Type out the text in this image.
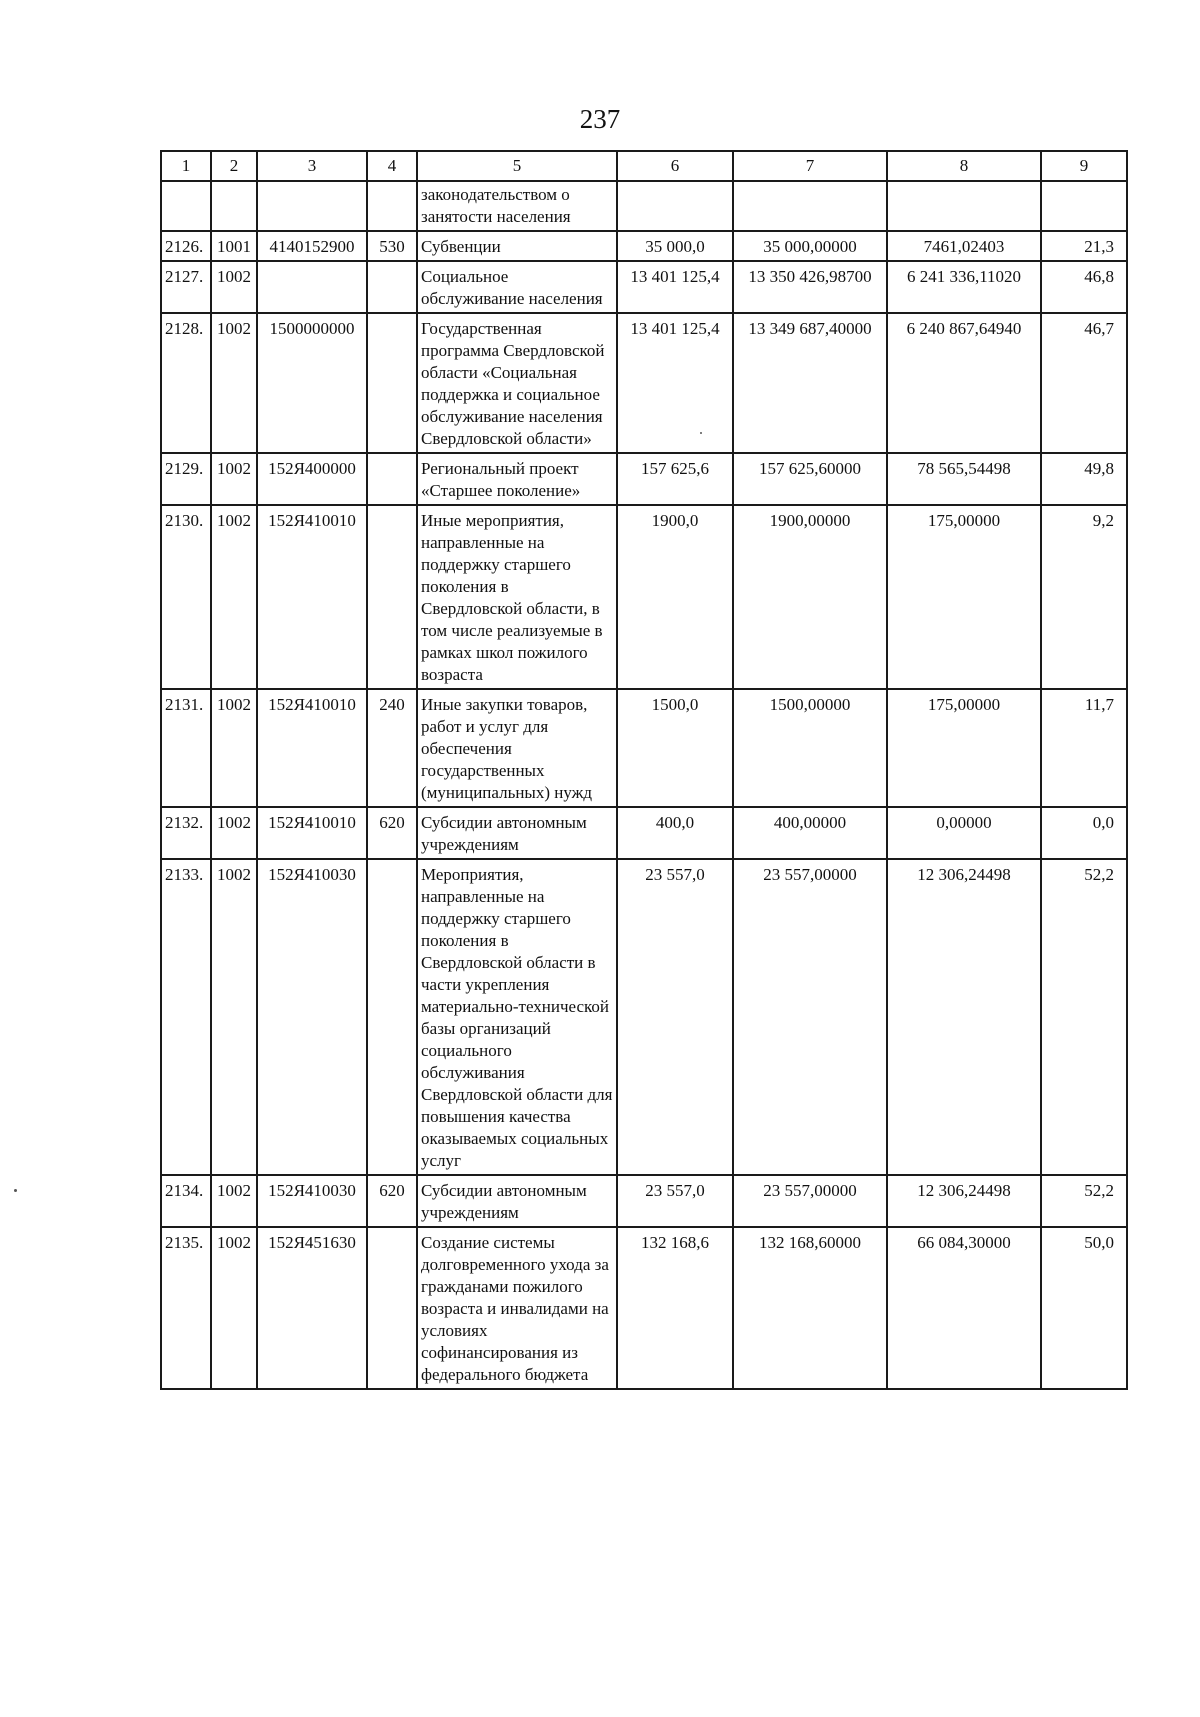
237
1	2	3	4	5	6	7	8	9
				законодательством о занятости населения				
2126.	1001	4140152900	530	Субвенции	35 000,0	35 000,00000	7461,02403	21,3
2127.	1002			Социальное обслуживание населения	13 401 125,4	13 350 426,98700	6 241 336,11020	46,8
2128.	1002	1500000000		Государственная программа Свердловской области «Социальная поддержка и социальное обслуживание населения Свердловской области»	13 401 125,4	13 349 687,40000	6 240 867,64940	46,7
2129.	1002	152Я400000		Региональный проект «Старшее поколение»	157 625,6	157 625,60000	78 565,54498	49,8
2130.	1002	152Я410010		Иные мероприятия, направленные на поддержку старшего поколения в Свердловской области, в том числе реализуемые в рамках школ пожилого возраста	1900,0	1900,00000	175,00000	9,2
2131.	1002	152Я410010	240	Иные закупки товаров, работ и услуг для обеспечения государственных (муниципальных) нужд	1500,0	1500,00000	175,00000	11,7
2132.	1002	152Я410010	620	Субсидии автономным учреждениям	400,0	400,00000	0,00000	0,0
2133.	1002	152Я410030		Мероприятия, направленные на поддержку старшего поколения в Свердловской области в части укрепления материально-технической базы организаций социального обслуживания Свердловской области для повышения качества оказываемых социальных услуг	23 557,0	23 557,00000	12 306,24498	52,2
2134.	1002	152Я410030	620	Субсидии автономным учреждениям	23 557,0	23 557,00000	12 306,24498	52,2
2135.	1002	152Я451630		Создание системы долговременного ухода за гражданами пожилого возраста и инвалидами на условиях софинансирования из федерального бюджета	132 168,6	132 168,60000	66 084,30000	50,0
